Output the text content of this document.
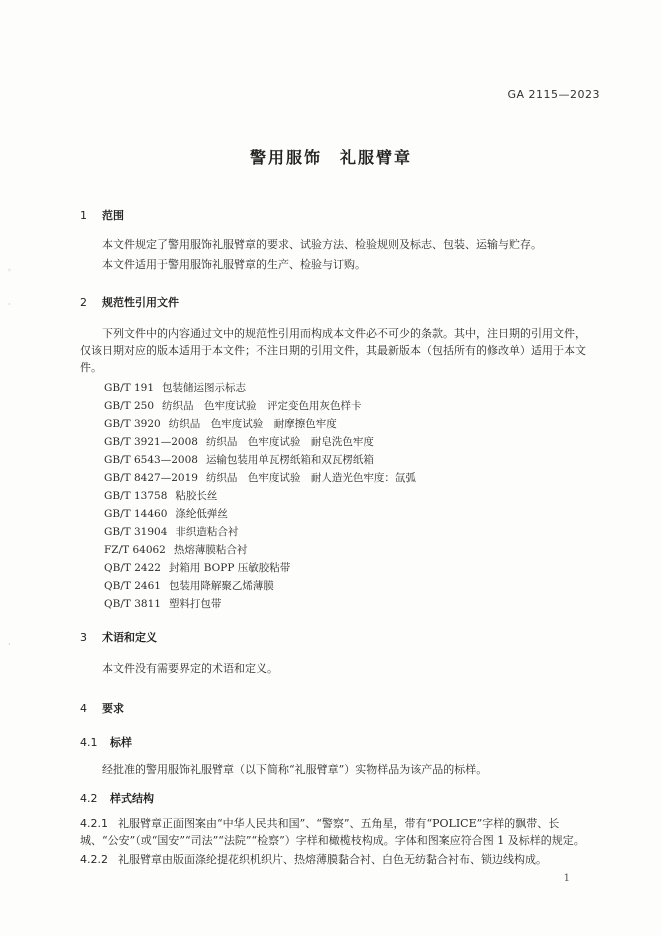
GA 2115—2023
警用服饰　礼服臂章
1 范围
本文件规定了警用服饰礼服臂章的要求、试验方法、检验规则及标志、包装、运输与贮存。
本文件适用于警用服饰礼服臂章的生产、检验与订购。
2 规范性引用文件
下列文件中的内容通过文中的规范性引用而构成本文件必不可少的条款。其中，注日期的引用文件，仅该日期对应的版本适用于本文件；不注日期的引用文件，其最新版本（包括所有的修改单）适用于本文件。
GB/T 191 包装储运图示标志
GB/T 250 纺织品　色牢度试验　评定变色用灰色样卡
GB/T 3920 纺织品　色牢度试验　耐摩擦色牢度
GB/T 3921—2008 纺织品　色牢度试验　耐皂洗色牢度
GB/T 6543—2008 运输包装用单瓦楞纸箱和双瓦楞纸箱
GB/T 8427—2019 纺织品　色牢度试验　耐人造光色牢度：氙弧
GB/T 13758 粘胶长丝
GB/T 14460 涤纶低弹丝
GB/T 31904 非织造粘合衬
FZ/T 64062 热熔薄膜粘合衬
QB/T 2422 封箱用 BOPP 压敏胶粘带
QB/T 2461 包装用降解聚乙烯薄膜
QB/T 3811 塑料打包带
3 术语和定义
本文件没有需要界定的术语和定义。
4 要求
4.1 标样
经批准的警用服饰礼服臂章（以下简称“礼服臂章”）实物样品为该产品的标样。
4.2 样式结构
4.2.1 礼服臂章正面图案由“中华人民共和国”、“警察”、五角星，带有“POLICE”字样的飘带、长城、“公安”（或“国安”“司法”“法院”“检察”）字样和橄榄枝构成。字体和图案应符合图 1 及标样的规定。
4.2.2 礼服臂章由版面涤纶提花织机织片、热熔薄膜黏合衬、白色无纺黏合衬布、锁边线构成。
1
◦
·
·
